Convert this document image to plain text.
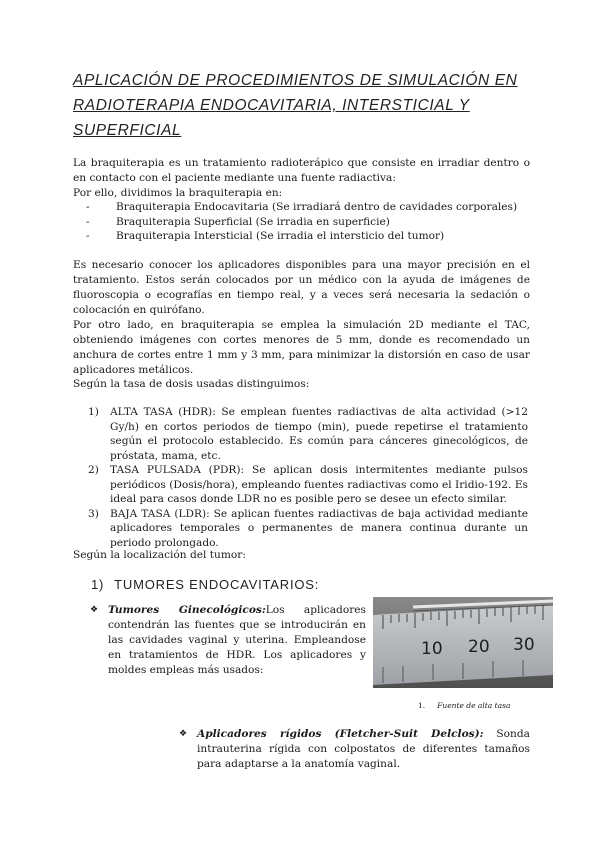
APLICACIÓN DE PROCEDIMIENTOS DE SIMULACIÓN EN RADIOTERAPIA ENDOCAVITARIA, INTERSTICIAL Y SUPERFICIAL
La braquiterapia es un tratamiento radioterápico que consiste en irradiar dentro o en contacto con el paciente mediante una fuente radiactiva:
Por ello, dividimos la braquiterapia en:
-	Braquiterapia Endocavitaria (Se irradiará dentro de cavidades corporales)
-	Braquiterapia Superficial (Se irradia en superficie)
-	Braquiterapia Intersticial (Se irradia el intersticio del tumor)
Es necesario conocer los aplicadores disponibles para una mayor precisión en el tratamiento. Estos serán colocados por un médico con la ayuda de imágenes de fluoroscopia o ecografías en tiempo real, y a veces será necesaria la sedación o colocación en quirófano.
Por otro lado, en braquiterapia se emplea la simulación 2D mediante el TAC, obteniendo imágenes con cortes menores de 5 mm, donde es recomendado un anchura de cortes entre 1 mm y 3 mm, para minimizar la distorsión en caso de usar aplicadores metálicos.
Según la tasa de dosis usadas distinguimos:
1)	ALTA TASA (HDR): Se emplean fuentes radiactivas de alta actividad (>12 Gy/h) en cortos periodos de tiempo (min), puede repetirse el tratamiento según el protocolo establecido. Es común para cánceres ginecológicos, de próstata, mama, etc.
2)	TASA PULSADA (PDR): Se aplican dosis intermitentes mediante pulsos periódicos (Dosis/hora), empleando fuentes radiactivas como el Iridio-192. Es ideal para casos donde LDR no es posible pero se desee un efecto similar.
3)	BAJA TASA (LDR): Se aplican fuentes radiactivas de baja actividad mediante aplicadores temporales o permanentes de manera continua durante un periodo prolongado.
Según la localización del tumor:
1) TUMORES ENDOCAVITARIOS:
❖ Tumores Ginecológicos:Los aplicadores contendrán las fuentes que se introducirán en las cavidades vaginal y uterina. Empleandose en tratamientos de HDR. Los aplicadores y moldes empleas más usados:
10 20 30
1. Fuente de alta tasa
❖ Aplicadores rígidos (Fletcher-Suit Delclos): Sonda intrauterina rígida con colpostatos de diferentes tamaños para adaptarse a la anatomía vaginal.
